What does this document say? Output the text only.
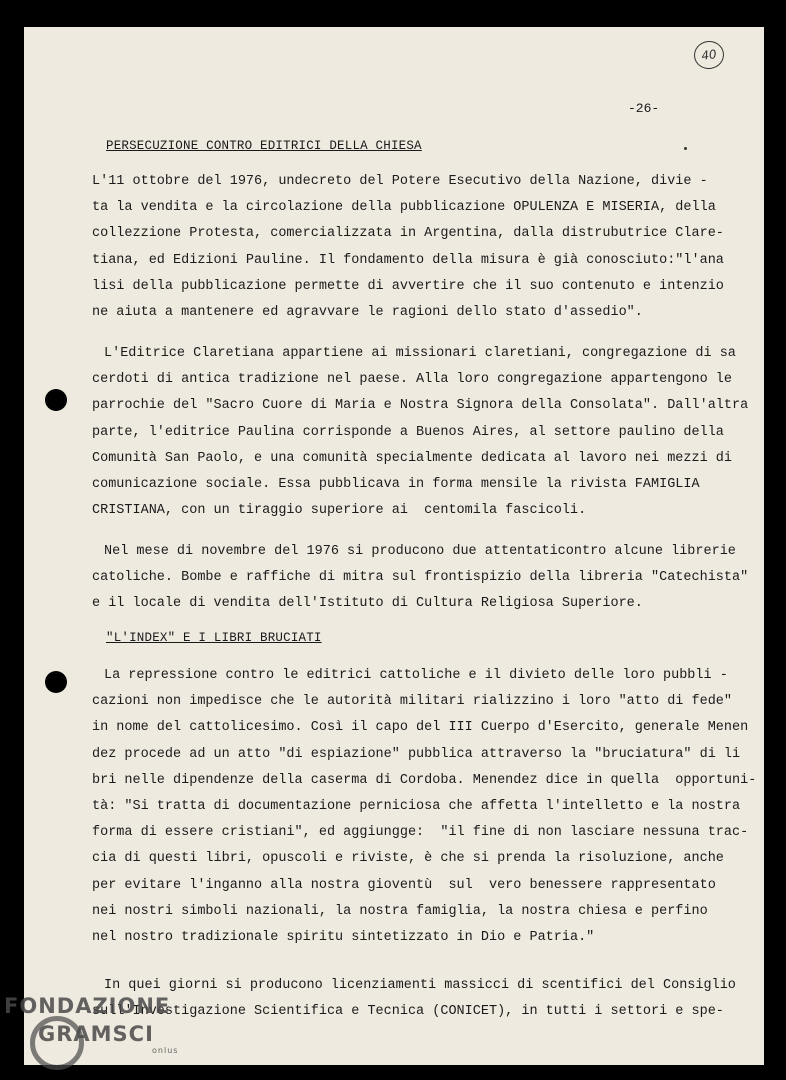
40
-26-
PERSECUZIONE CONTRO EDITRICI DELLA CHIESA
L'11 ottobre del 1976, undecreto del Potere Esecutivo della Nazione, divie -
ta la vendita e la circolazione della pubblicazione OPULENZA E MISERIA, della
collezzione Protesta, comercializzata in Argentina, dalla distrubutrice Clare-
tiana, ed Edizioni Pauline. Il fondamento della misura è già conosciuto:"l'ana
lisi della pubblicazione permette di avvertire che il suo contenuto e intenzio
ne aiuta a mantenere ed agravvare le ragioni dello stato d'assedio".
L'Editrice Claretiana appartiene ai missionari claretiani, congregazione di sa
cerdoti di antica tradizione nel paese. Alla loro congregazione appartengono le
parrochie del "Sacro Cuore di Maria e Nostra Signora della Consolata". Dall'altra
parte, l'editrice Paulina corrisponde a Buenos Aires, al settore paulino della
Comunità San Paolo, e una comunità specialmente dedicata al lavoro nei mezzi di
comunicazione sociale. Essa pubblicava in forma mensile la rivista FAMIGLIA
CRISTIANA, con un tiraggio superiore ai  centomila fascicoli.
Nel mese di novembre del 1976 si producono due attentaticontro alcune librerie
catoliche. Bombe e raffiche di mitra sul frontispizio della libreria "Catechista"
e il locale di vendita dell'Istituto di Cultura Religiosa Superiore.
"L'INDEX" E I LIBRI BRUCIATI
La repressione contro le editrici cattoliche e il divieto delle loro pubbli -
cazioni non impedisce che le autorità militari rializzino i loro "atto di fede"
in nome del cattolicesimo. Così il capo del III Cuerpo d'Esercito, generale Menen
dez procede ad un atto "di espiazione" pubblica attraverso la "bruciatura" di li
bri nelle dipendenze della caserma di Cordoba. Menendez dice in quella  opportuni-
tà: "Si tratta di documentazione perniciosa che affetta l'intelletto e la nostra
forma di essere cristiani", ed aggiungge:  "il fine di non lasciare nessuna trac-
cia di questi libri, opuscoli e riviste, è che si prenda la risoluzione, anche
per evitare l'inganno alla nostra gioventù  sul  vero benessere rappresentato
nei nostri simboli nazionali, la nostra famiglia, la nostra chiesa e perfino
nel nostro tradizionale spiritu sintetizzato in Dio e Patria."
In quei giorni si producono licenziamenti massicci di scentifici del Consiglio
sull'Investigazione Scientifica e Tecnica (CONICET), in tutti i settori e spe-
FONDAZIONE
GRAMSCI
onlus
